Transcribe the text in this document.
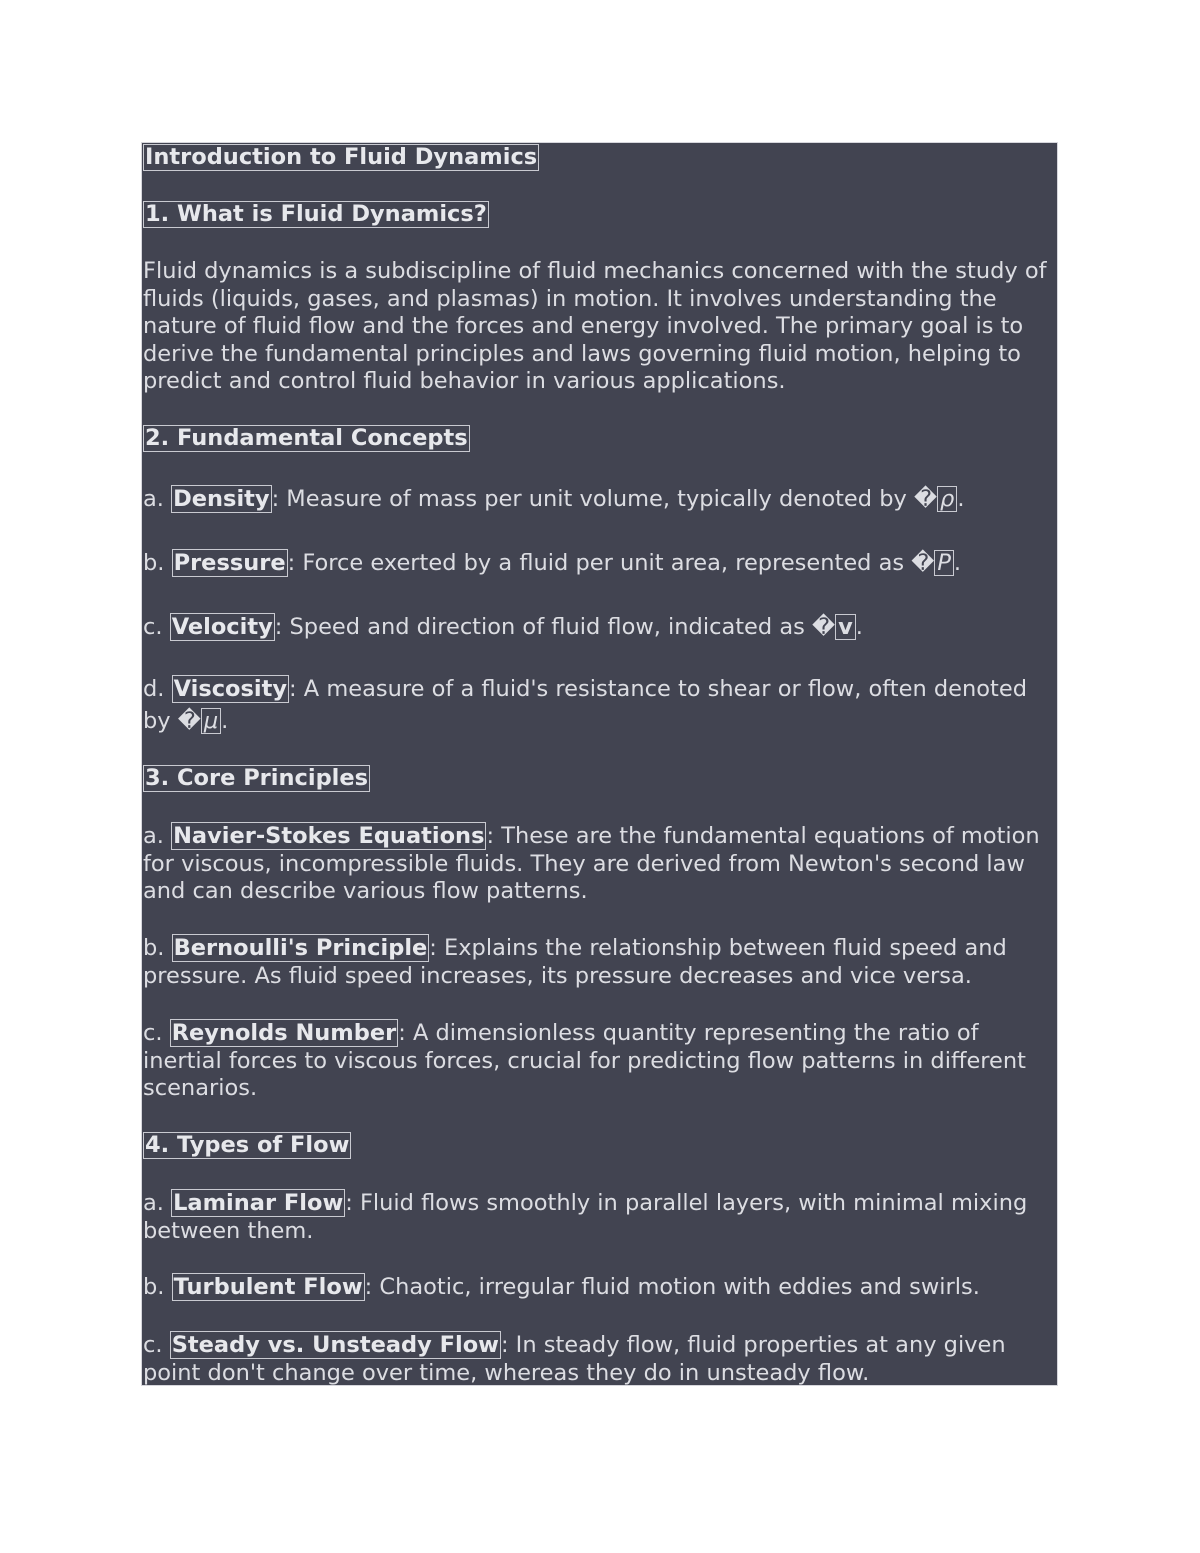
Introduction to Fluid Dynamics
1. What is Fluid Dynamics?

Fluid dynamics is a subdiscipline of fluid mechanics concerned with the study of fluids (liquids, gases, and plasmas) in motion. It involves understanding the nature of fluid flow and the forces and energy involved. The primary goal is to derive the fundamental principles and laws governing fluid motion, helping to predict and control fluid behavior in various applications.

2. Fundamental Concepts

a. Density: Measure of mass per unit volume, typically denoted by � ρ .

b. Pressure: Force exerted by a fluid per unit area, represented as � P .

c. Velocity: Speed and direction of fluid flow, indicated as � v .

d. Viscosity: A measure of a fluid's resistance to shear or flow, often denoted by � μ .

3. Core Principles

a. Navier-Stokes Equations: These are the fundamental equations of motion for viscous, incompressible fluids. They are derived from Newton's second law and can describe various flow patterns.

b. Bernoulli's Principle: Explains the relationship between fluid speed and pressure. As fluid speed increases, its pressure decreases and vice versa.

c. Reynolds Number: A dimensionless quantity representing the ratio of inertial forces to viscous forces, crucial for predicting flow patterns in different scenarios.

4. Types of Flow

a. Laminar Flow: Fluid flows smoothly in parallel layers, with minimal mixing between them.

b. Turbulent Flow: Chaotic, irregular fluid motion with eddies and swirls.

c. Steady vs. Unsteady Flow: In steady flow, fluid properties at any given point don't change over time, whereas they do in unsteady flow.
